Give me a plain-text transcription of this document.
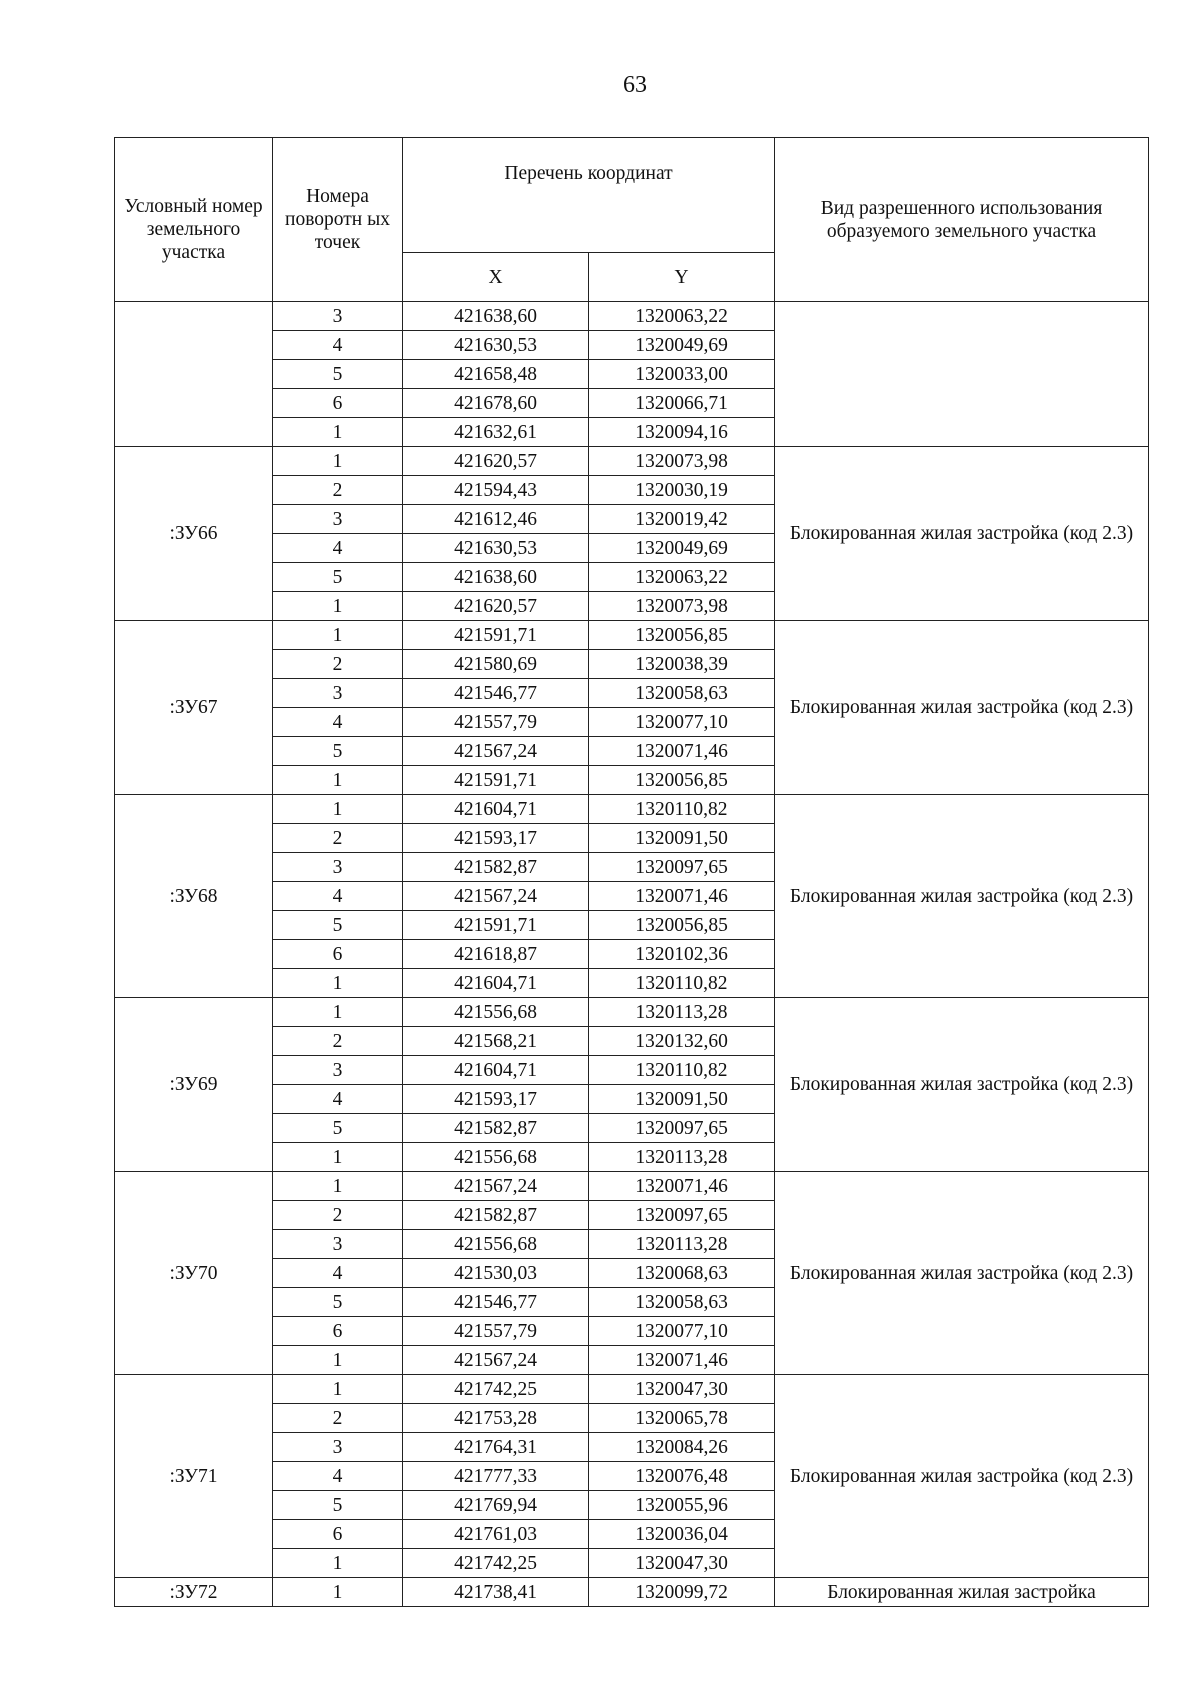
63
Условный номер земельного участка	Номера поворотн ых точек	Перечень координат		Вид разрешенного использования образуемого земельного участка
		X	Y	
	3	421638,60	1320063,22	
	4	421630,53	1320049,69	
	5	421658,48	1320033,00	
	6	421678,60	1320066,71	
	1	421632,61	1320094,16	
:ЗУ66	1	421620,57	1320073,98	Блокированная жилая застройка (код 2.3)
	2	421594,43	1320030,19	
	3	421612,46	1320019,42	
	4	421630,53	1320049,69	
	5	421638,60	1320063,22	
	1	421620,57	1320073,98	
:ЗУ67	1	421591,71	1320056,85	Блокированная жилая застройка (код 2.3)
	2	421580,69	1320038,39	
	3	421546,77	1320058,63	
	4	421557,79	1320077,10	
	5	421567,24	1320071,46	
	1	421591,71	1320056,85	
:ЗУ68	1	421604,71	1320110,82	Блокированная жилая застройка (код 2.3)
	2	421593,17	1320091,50	
	3	421582,87	1320097,65	
	4	421567,24	1320071,46	
	5	421591,71	1320056,85	
	6	421618,87	1320102,36	
	1	421604,71	1320110,82	
:ЗУ69	1	421556,68	1320113,28	Блокированная жилая застройка (код 2.3)
	2	421568,21	1320132,60	
	3	421604,71	1320110,82	
	4	421593,17	1320091,50	
	5	421582,87	1320097,65	
	1	421556,68	1320113,28	
:ЗУ70	1	421567,24	1320071,46	Блокированная жилая застройка (код 2.3)
	2	421582,87	1320097,65	
	3	421556,68	1320113,28	
	4	421530,03	1320068,63	
	5	421546,77	1320058,63	
	6	421557,79	1320077,10	
	1	421567,24	1320071,46	
:ЗУ71	1	421742,25	1320047,30	Блокированная жилая застройка (код 2.3)
	2	421753,28	1320065,78	
	3	421764,31	1320084,26	
	4	421777,33	1320076,48	
	5	421769,94	1320055,96	
	6	421761,03	1320036,04	
	1	421742,25	1320047,30	
:ЗУ72	1	421738,41	1320099,72	Блокированная жилая застройка
